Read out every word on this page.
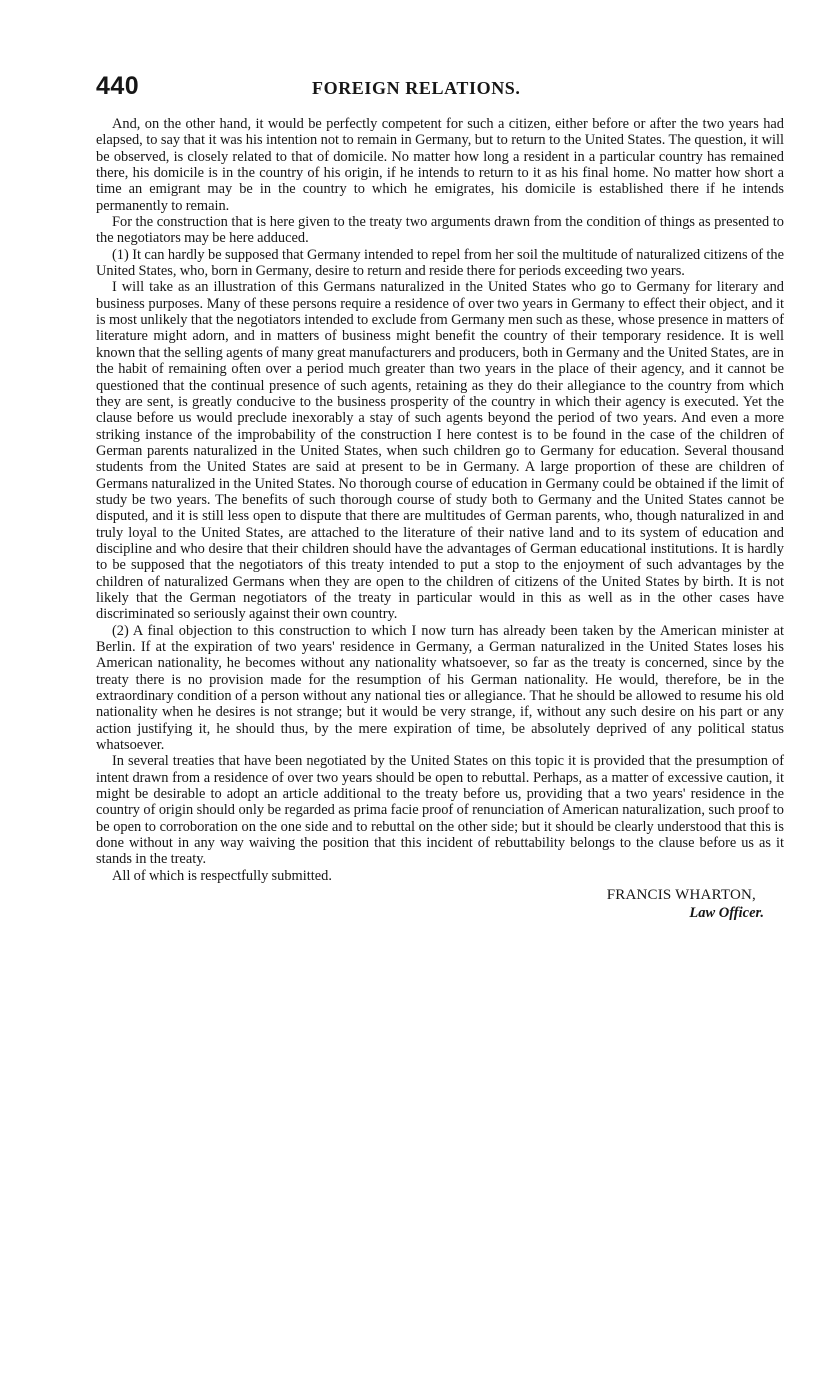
440	FOREIGN RELATIONS.

And, on the other hand, it would be perfectly competent for such a citizen, either before or after the two years had elapsed, to say that it was his intention not to remain in Germany, but to return to the United States. The question, it will be observed, is closely related to that of domicile. No matter how long a resident in a particular country has remained there, his domicile is in the country of his origin, if he intends to return to it as his final home. No matter how short a time an emigrant may be in the country to which he emigrates, his domicile is established there if he intends permanently to remain.

For the construction that is here given to the treaty two arguments drawn from the condition of things as presented to the negotiators may be here adduced.

(1) It can hardly be supposed that Germany intended to repel from her soil the multitude of naturalized citizens of the United States, who, born in Germany, desire to return and reside there for periods exceeding two years.

I will take as an illustration of this Germans naturalized in the United States who go to Germany for literary and business purposes. Many of these persons require a residence of over two years in Germany to effect their object, and it is most unlikely that the negotiators intended to exclude from Germany men such as these, whose presence in matters of literature might adorn, and in matters of business might benefit the country of their temporary residence. It is well known that the selling agents of many great manufacturers and producers, both in Germany and the United States, are in the habit of remaining often over a period much greater than two years in the place of their agency, and it cannot be questioned that the continual presence of such agents, retaining as they do their allegiance to the country from which they are sent, is greatly conducive to the business prosperity of the country in which their agency is executed. Yet the clause before us would preclude inexorably a stay of such agents beyond the period of two years. And even a more striking instance of the improbability of the construction I here contest is to be found in the case of the children of German parents naturalized in the United States, when such children go to Germany for education. Several thousand students from the United States are said at present to be in Germany. A large proportion of these are children of Germans naturalized in the United States. No thorough course of education in Germany could be obtained if the limit of study be two years. The benefits of such thorough course of study both to Germany and the United States cannot be disputed, and it is still less open to dispute that there are multitudes of German parents, who, though naturalized in and truly loyal to the United States, are attached to the literature of their native land and to its system of education and discipline and who desire that their children should have the advantages of German educational institutions. It is hardly to be supposed that the negotiators of this treaty intended to put a stop to the enjoyment of such advantages by the children of naturalized Germans when they are open to the children of citizens of the United States by birth. It is not likely that the German negotiators of the treaty in particular would in this as well as in the other cases have discriminated so seriously against their own country.

(2) A final objection to this construction to which I now turn has already been taken by the American minister at Berlin. If at the expiration of two years' residence in Germany, a German naturalized in the United States loses his American nationality, he becomes without any nationality whatsoever, so far as the treaty is concerned, since by the treaty there is no provision made for the resumption of his German nationality. He would, therefore, be in the extraordinary condition of a person without any national ties or allegiance. That he should be allowed to resume his old nationality when he desires is not strange; but it would be very strange, if, without any such desire on his part or any action justifying it, he should thus, by the mere expiration of time, be absolutely deprived of any political status whatsoever.

In several treaties that have been negotiated by the United States on this topic it is provided that the presumption of intent drawn from a residence of over two years should be open to rebuttal. Perhaps, as a matter of excessive caution, it might be desirable to adopt an article additional to the treaty before us, providing that a two years' residence in the country of origin should only be regarded as prima facie proof of renunciation of American naturalization, such proof to be open to corroboration on the one side and to rebuttal on the other side; but it should be clearly understood that this is done without in any way waiving the position that this incident of rebuttability belongs to the clause before us as it stands in the treaty.

All of which is respectfully submitted.

FRANCIS WHARTON,
Law Officer.
